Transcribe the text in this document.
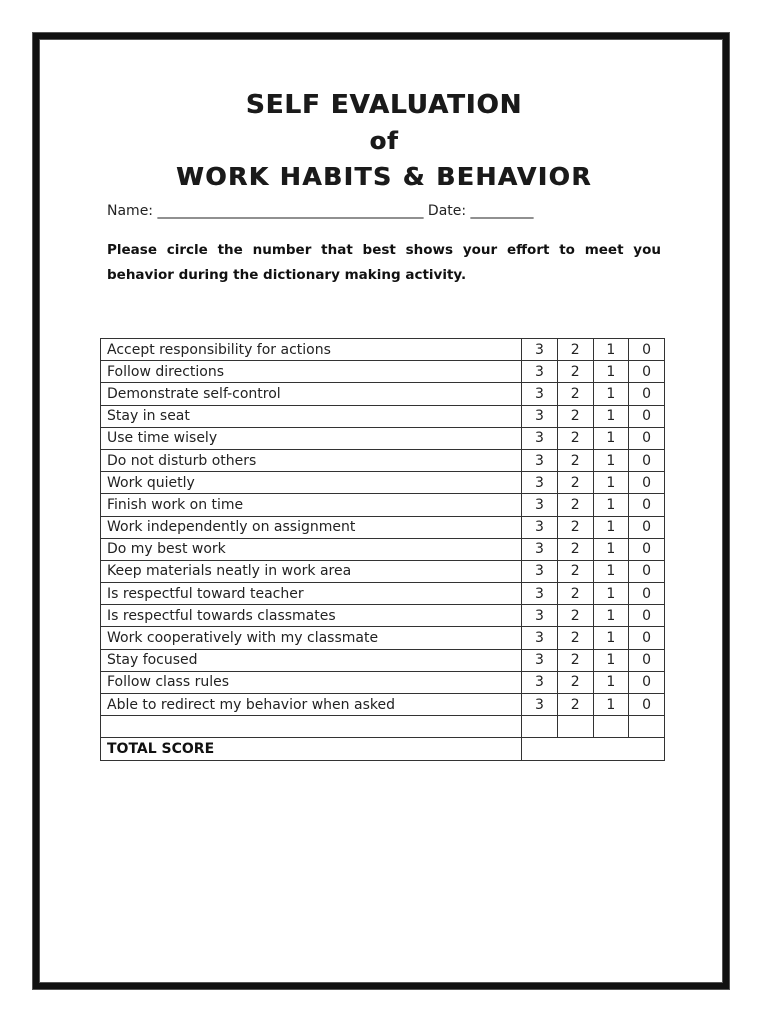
SELF EVALUATION
of
WORK HABITS & BEHAVIOR
Name: ______________________________________ Date: _________
Please circle the number that best shows your effort to meet you behavior during the dictionary making activity.
Accept responsibility for actions	3	2	1	0
Follow directions	3	2	1	0
Demonstrate self-control	3	2	1	0
Stay in seat	3	2	1	0
Use time wisely	3	2	1	0
Do not disturb others	3	2	1	0
Work quietly	3	2	1	0
Finish work on time	3	2	1	0
Work independently on assignment	3	2	1	0
Do my best work	3	2	1	0
Keep materials neatly in work area	3	2	1	0
Is respectful toward teacher	3	2	1	0
Is respectful towards classmates	3	2	1	0
Work cooperatively with my classmate	3	2	1	0
Stay focused	3	2	1	0
Follow class rules	3	2	1	0
Able to redirect my behavior when asked	3	2	1	0

TOTAL SCORE				
